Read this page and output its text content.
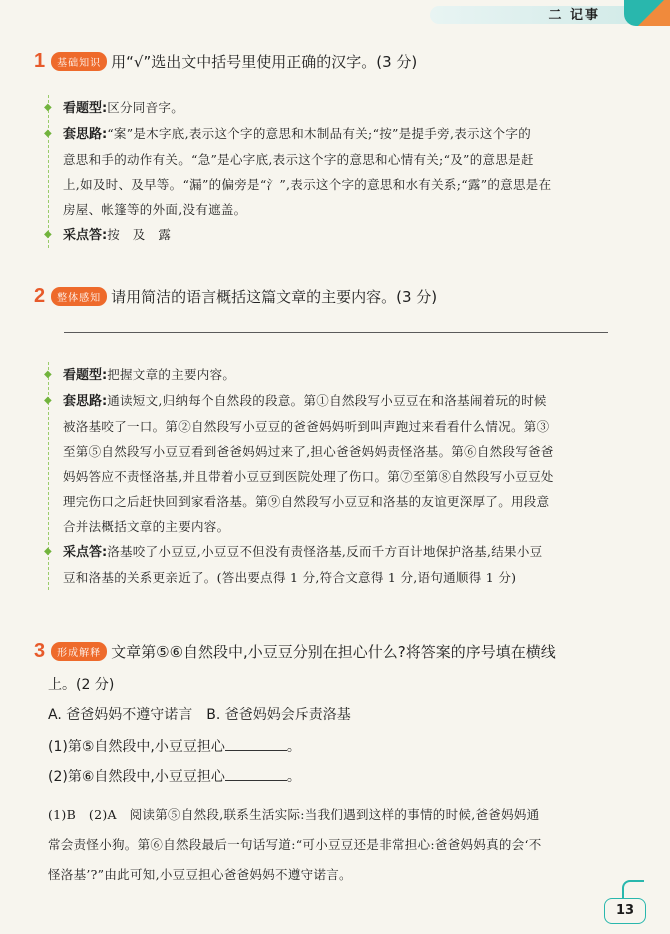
二 记事
1	基础知识 用“√”选出文中括号里使用正确的汉字。(3 分)
◆ 看题型:区分同音字。
◆ 套思路:“案”是木字底,表示这个字的意思和木制品有关;“按”是提手旁,表示这个字的
意思和手的动作有关。“急”是心字底,表示这个字的意思和心情有关;“及”的意思是赶
上,如及时、及早等。“漏”的偏旁是“氵”,表示这个字的意思和水有关系;“露”的意思是在
房屋、帐篷等的外面,没有遮盖。
◆ 采点答:按　及　露
2	整体感知 请用简洁的语言概括这篇文章的主要内容。(3 分)
◆ 看题型:把握文章的主要内容。
◆ 套思路:通读短文,归纳每个自然段的段意。第①自然段写小豆豆在和洛基闹着玩的时候
被洛基咬了一口。第②自然段写小豆豆的爸爸妈妈听到叫声跑过来看看什么情况。第③
至第⑤自然段写小豆豆看到爸爸妈妈过来了,担心爸爸妈妈责怪洛基。第⑥自然段写爸爸
妈妈答应不责怪洛基,并且带着小豆豆到医院处理了伤口。第⑦至第⑧自然段写小豆豆处
理完伤口之后赶快回到家看洛基。第⑨自然段写小豆豆和洛基的友谊更深厚了。用段意
合并法概括文章的主要内容。
◆ 采点答:洛基咬了小豆豆,小豆豆不但没有责怪洛基,反而千方百计地保护洛基,结果小豆
豆和洛基的关系更亲近了。(答出要点得 1 分,符合文意得 1 分,语句通顺得 1 分)
3	形成解释 文章第⑤⑥自然段中,小豆豆分别在担心什么?将答案的序号填在横线
上。(2 分)
A. 爸爸妈妈不遵守诺言　B. 爸爸妈妈会斥责洛基
(1)第⑤自然段中,小豆豆担心	。
(2)第⑥自然段中,小豆豆担心	。
(1)B　(2)A　阅读第⑤自然段,联系生活实际:当我们遇到这样的事情的时候,爸爸妈妈通
常会责怪小狗。第⑥自然段最后一句话写道:“可小豆豆还是非常担心:爸爸妈妈真的会‘不
怪洛基’?”由此可知,小豆豆担心爸爸妈妈不遵守诺言。
13
